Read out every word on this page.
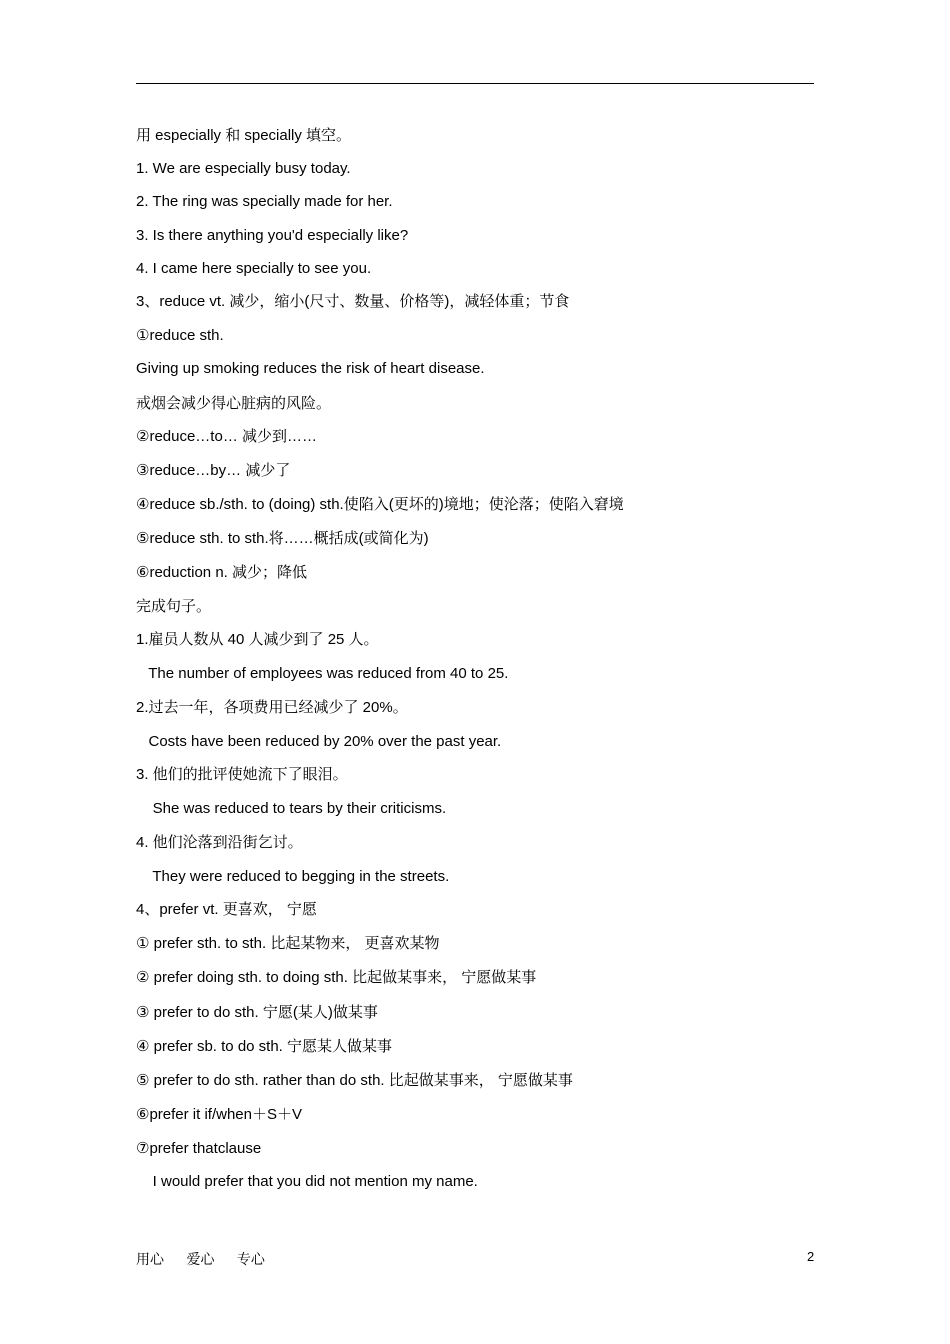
用 especially 和 specially 填空。
1. We are especially busy today.
2. The ring was specially made for her.
3. Is there anything you'd especially like?
4. I came here specially to see you.
3、reduce vt. 减少，缩小(尺寸、数量、价格等)，减轻体重；节食
①reduce sth.
Giving up smoking reduces the risk of heart disease.
戒烟会减少得心脏病的风险。
②reduce…to… 减少到……
③reduce…by… 减少了
④reduce sb./sth. to (doing) sth.使陷入(更坏的)境地；使沦落；使陷入窘境
⑤reduce sth. to sth.将……概括成(或简化为)
⑥reduction n. 减少；降低
完成句子。
1.雇员人数从 40 人减少到了 25 人。
The number of employees was reduced from 40 to 25.
2.过去一年，各项费用已经减少了 20%。
Costs have been reduced by 20% over the past year.
3. 他们的批评使她流下了眼泪。
She was reduced to tears by their criticisms.
4. 他们沦落到沿街乞讨。
They were reduced to begging in the streets.
4、prefer vt. 更喜欢， 宁愿
① prefer sth. to sth. 比起某物来， 更喜欢某物
② prefer doing sth. to doing sth. 比起做某事来， 宁愿做某事
③ prefer to do sth. 宁愿(某人)做某事
④ prefer sb. to do sth. 宁愿某人做某事
⑤ prefer to do sth. rather than do sth. 比起做某事来， 宁愿做某事
⑥prefer it if/when＋S＋V
⑦prefer thatclause
I would prefer that you did not mention my name.
用心 爱心 专心	2
